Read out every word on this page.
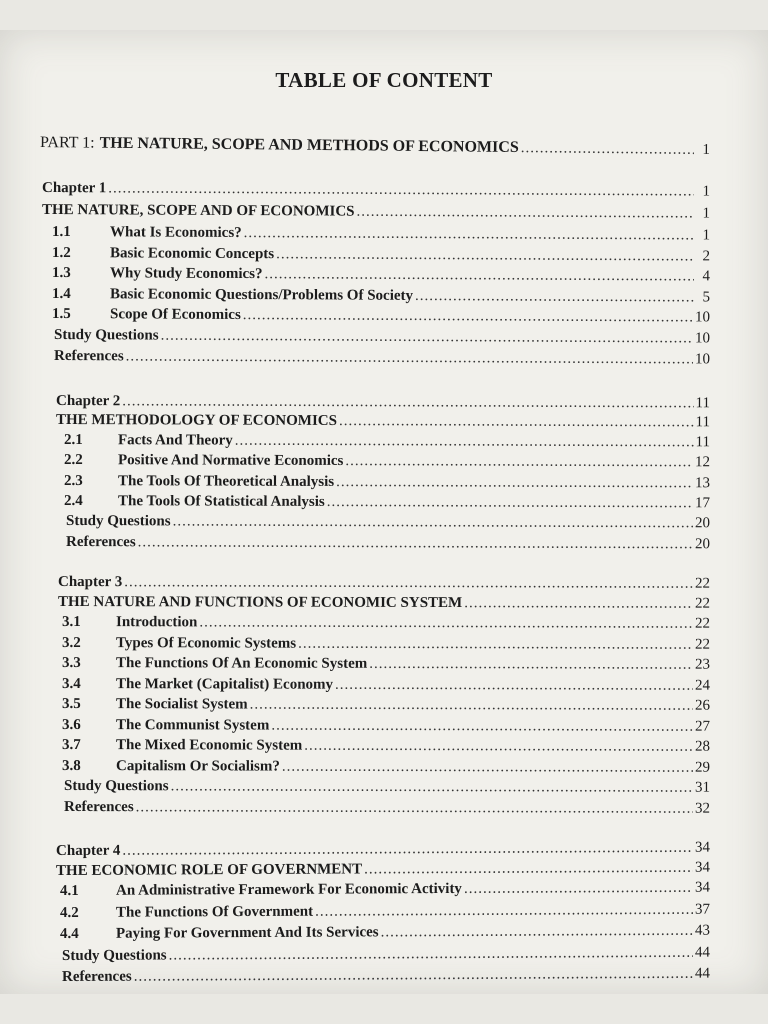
TABLE OF CONTENT
PART 1: THE NATURE, SCOPE AND METHODS OF ECONOMICS .....	1
Chapter 1 .....	1
THE NATURE, SCOPE AND OF ECONOMICS .....	1
1.1	What Is Economics? .....	1
1.2	Basic Economic Concepts .....	2
1.3	Why Study Economics? .....	4
1.4	Basic Economic Questions/Problems Of Society .....	5
1.5	Scope Of Economics .....	10
Study Questions .....	10
References .....	10
Chapter 2 .....	11
THE METHODOLOGY OF ECONOMICS .....	11
2.1	Facts And Theory .....	11
2.2	Positive And Normative Economics .....	12
2.3	The Tools Of Theoretical Analysis .....	13
2.4	The Tools Of Statistical Analysis .....	17
Study Questions .....	20
References .....	20
Chapter 3 .....	22
THE NATURE AND FUNCTIONS OF ECONOMIC SYSTEM .....	22
3.1	Introduction .....	22
3.2	Types Of Economic Systems .....	22
3.3	The Functions Of An Economic System .....	23
3.4	The Market (Capitalist) Economy .....	24
3.5	The Socialist System .....	26
3.6	The Communist System .....	27
3.7	The Mixed Economic System .....	28
3.8	Capitalism Or Socialism? .....	29
Study Questions .....	31
References .....	32
Chapter 4 .....	34
THE ECONOMIC ROLE OF GOVERNMENT .....	34
4.1	An Administrative Framework For Economic Activity .....	34
4.2	The Functions Of Government .....	37
4.4	Paying For Government And Its Services .....	43
Study Questions .....	44
References .....	44
